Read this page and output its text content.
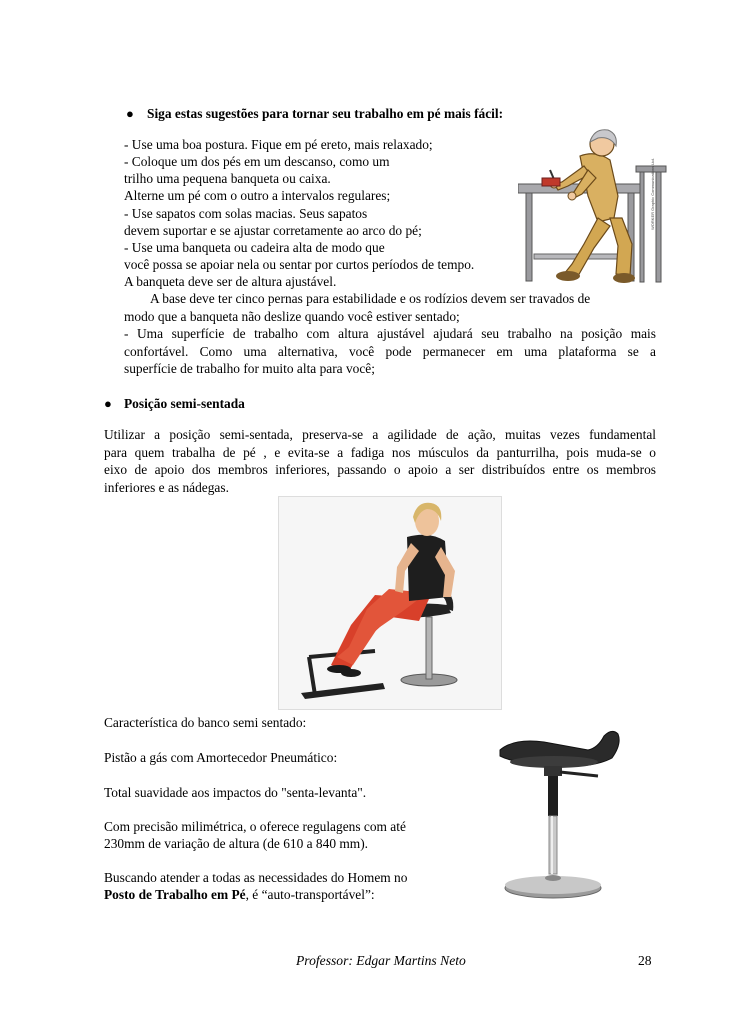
● Siga estas sugestões para tornar seu trabalho em pé mais fácil:
- Use uma boa postura. Fique em pé ereto, mais relaxado;
- Coloque um dos pés em um descanso, como um
trilho uma pequena banqueta ou caixa.
Alterne um pé com o outro a intervalos regulares;
- Use sapatos com solas macias. Seus sapatos
devem suportar e se ajustar corretamente ao arco do pé;
- Use uma banqueta ou cadeira alta de modo que
você possa se apoiar nela ou sentar por curtos períodos de tempo.
A banqueta deve ser de altura ajustável.
A base deve ter cinco pernas para estabilidade e os rodízios devem ser travados de
modo que a banqueta não deslize quando você estiver sentado;
- Uma superfície de trabalho com altura ajustável ajudará seu trabalho na posição mais
confortável. Como uma alternativa, você pode permanecer em uma plataforma se a
superfície de trabalho for muito alta para você;
WORKER Graphic Communications Ltd.
● Posição semi-sentada
Utilizar a posição semi-sentada, preserva-se a agilidade de ação, muitas vezes fundamental
para quem trabalha de pé , e evita-se a fadiga nos músculos da panturrilha, pois muda-se o
eixo de apoio dos membros inferiores, passando o apoio a ser distribuídos entre os membros
inferiores e as nádegas.
Característica do banco semi sentado:
Pistão a gás com Amortecedor Pneumático:
Total suavidade aos impactos do "senta-levanta".
Com precisão milimétrica, o oferece regulagens com até
230mm de variação de altura (de 610 a 840 mm).
Buscando atender a todas as necessidades do Homem no
Posto de Trabalho em Pé, é “auto-transportável”:
Professor: Edgar Martins Neto	28
